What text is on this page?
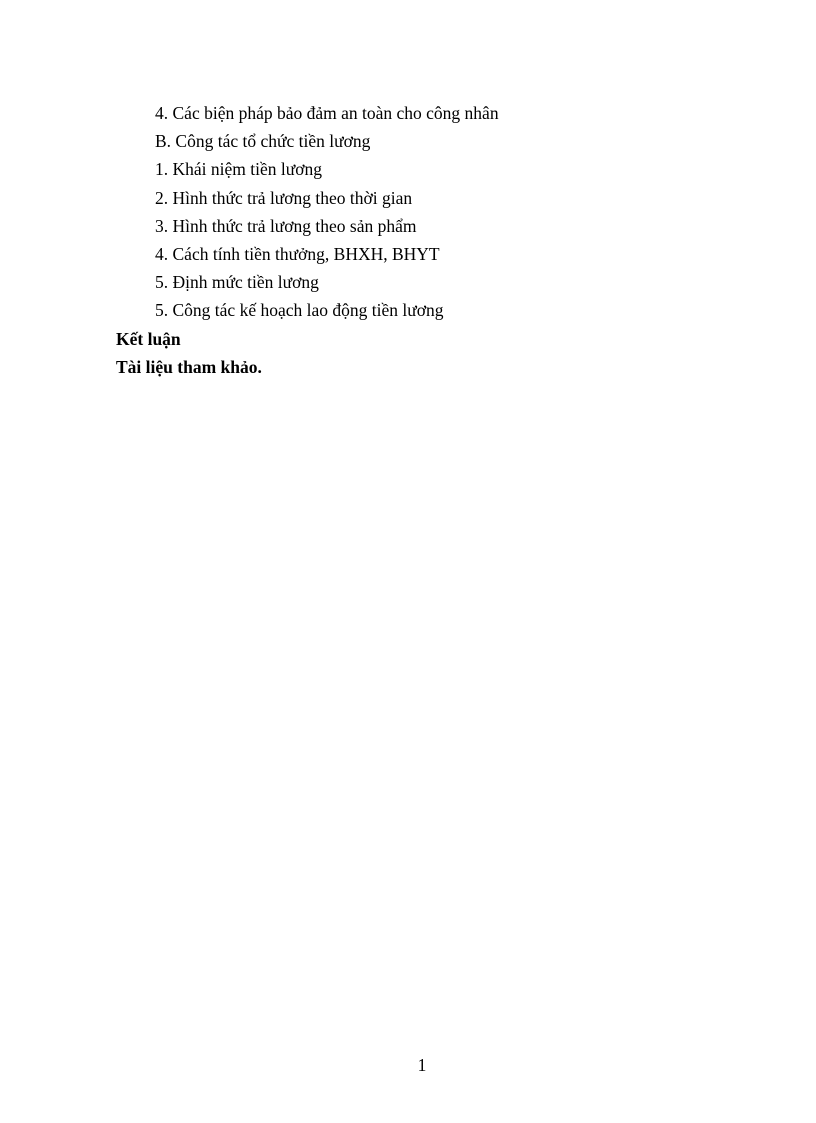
4. Các biện pháp bảo đảm an toàn cho công nhân
B. Công tác tổ chức tiền lương
1. Khái niệm tiền lương
2. Hình thức trả lương theo thời gian
3. Hình thức trả lương theo sản phẩm
4. Cách tính tiền thưởng, BHXH, BHYT
5. Định mức tiền lương
5. Công tác kế hoạch lao động tiền lương
Kết luận
Tài liệu tham khảo.
1
